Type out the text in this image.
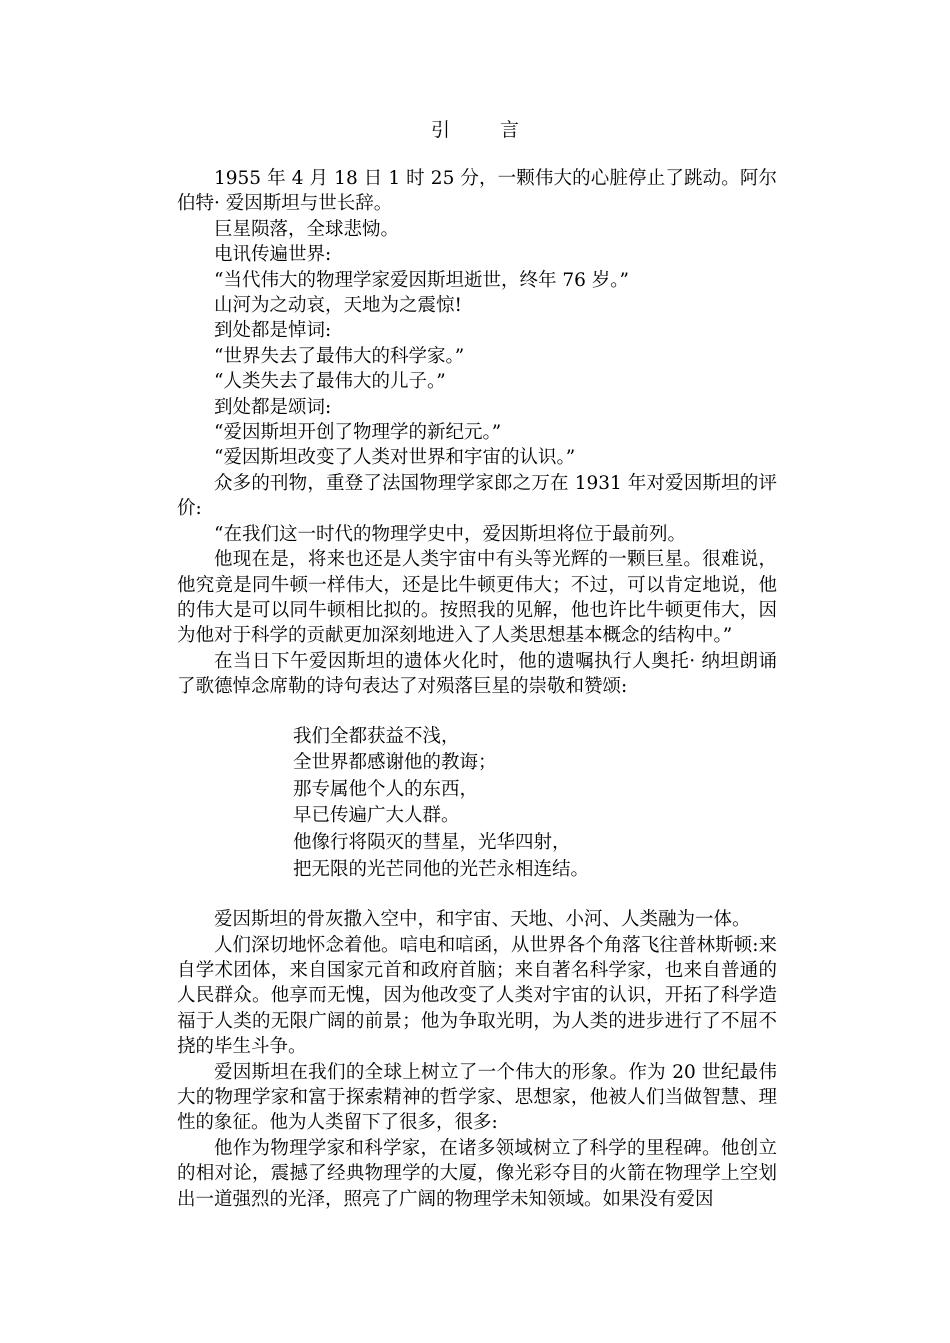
引 言

1955 年 4 月 18 日 1 时 25 分，一颗伟大的心脏停止了跳动。阿尔伯特· 爱因斯坦与世长辞。

巨星陨落，全球悲恸。

电讯传遍世界:

“当代伟大的物理学家爱因斯坦逝世，终年 76 岁。”

山河为之动哀，天地为之震惊!

到处都是悼词:

“世界失去了最伟大的科学家。”

“人类失去了最伟大的儿子。”

到处都是颂词:

“爱因斯坦开创了物理学的新纪元。”

“爱因斯坦改变了人类对世界和宇宙的认识。”

众多的刊物，重登了法国物理学家郎之万在 1931 年对爱因斯坦的评价:

“在我们这一时代的物理学史中，爱因斯坦将位于最前列。

他现在是，将来也还是人类宇宙中有头等光辉的一颗巨星。很难说，他究竟是同牛顿一样伟大，还是比牛顿更伟大；不过，可以肯定地说，他的伟大是可以同牛顿相比拟的。按照我的见解，他也许比牛顿更伟大，因为他对于科学的贡献更加深刻地进入了人类思想基本概念的结构中。”

在当日下午爱因斯坦的遗体火化时，他的遗嘱执行人奥托· 纳坦朗诵了歌德悼念席勒的诗句表达了对殒落巨星的崇敬和赞颂:

我们全都获益不浅，

全世界都感谢他的教诲；

那专属他个人的东西，

早已传遍广大人群。

他像行将陨灭的彗星，光华四射，

把无限的光芒同他的光芒永相连结。

爱因斯坦的骨灰撒入空中，和宇宙、天地、小河、人类融为一体。

人们深切地怀念着他。唁电和唁函，从世界各个角落飞往普林斯顿:来自学术团体，来自国家元首和政府首脑；来自著名科学家，也来自普通的人民群众。他享而无愧，因为他改变了人类对宇宙的认识，开拓了科学造福于人类的无限广阔的前景；他为争取光明，为人类的进步进行了不屈不挠的毕生斗争。

爱因斯坦在我们的全球上树立了一个伟大的形象。作为 20 世纪最伟大的物理学家和富于探索精神的哲学家、思想家，他被人们当做智慧、理性的象征。他为人类留下了很多，很多:

他作为物理学家和科学家，在诸多领域树立了科学的里程碑。他创立的相对论，震撼了经典物理学的大厦，像光彩夺目的火箭在物理学上空划出一道强烈的光泽，照亮了广阔的物理学未知领域。如果没有爱因
